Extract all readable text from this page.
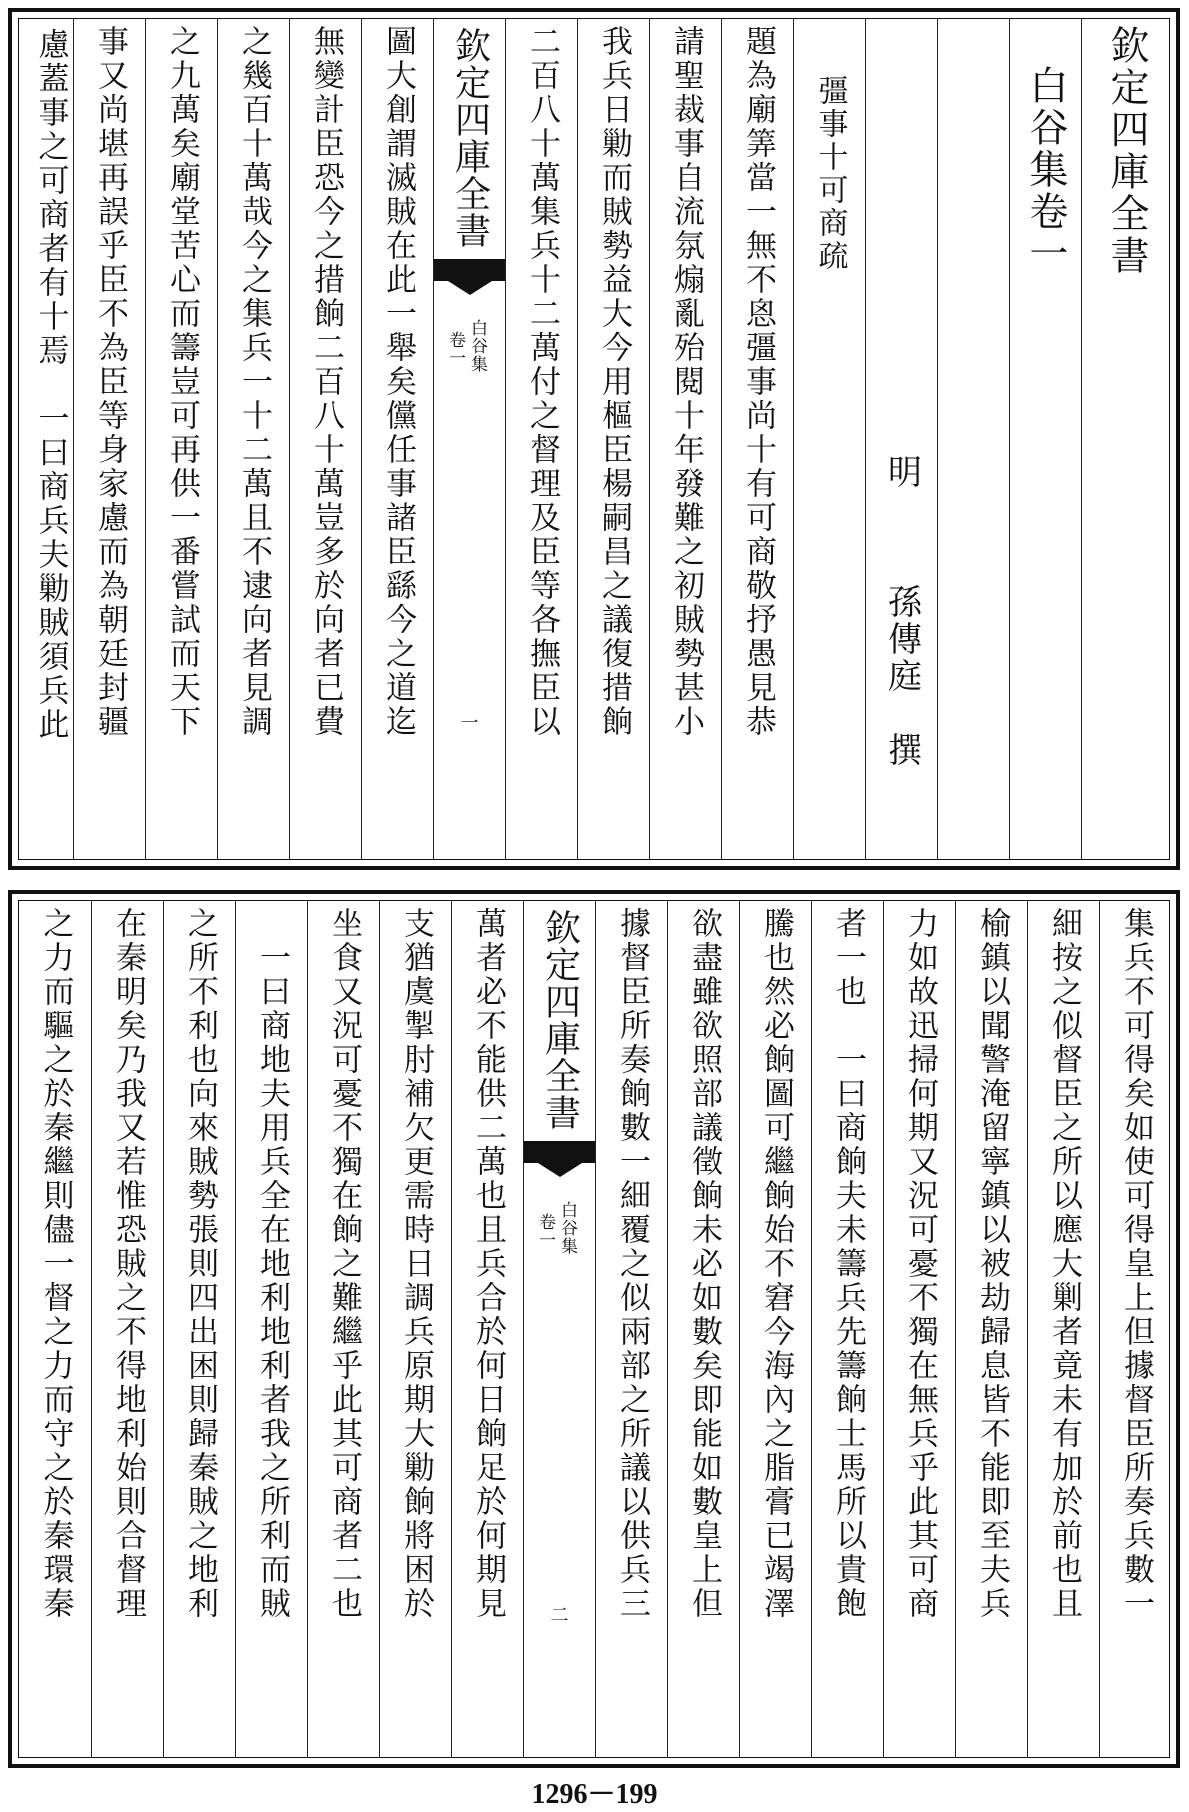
欽定四庫全書
白谷集卷一
明
孫傳庭　撰
彊事十可商疏
題為廟筭當一無不恖彊事尚十有可商敬抒愚見恭
請聖裁事自流氛煽亂殆閱十年發難之初賊勢甚小
我兵日勦而賊勢益大今用樞臣楊嗣昌之議復措餉
二百八十萬集兵十二萬付之督理及臣等各撫臣以
欽定四庫全書
白谷集
卷一
一
圖大創謂滅賊在此一舉矣儻任事諸臣繇今之道迄
無變計臣恐今之措餉二百八十萬豈多於向者已費
之幾百十萬哉今之集兵一十二萬且不逮向者見調
之九萬矣廟堂苦心而籌豈可再供一番嘗試而天下
事又尚堪再誤乎臣不為臣等身家慮而為朝廷封疆
集兵不可得矣如使可得皇上但據督臣所奏兵數一
細按之似督臣之所以應大剿者竟未有加於前也且
榆鎮以聞警淹留寧鎮以被劫歸息皆不能即至夫兵
力如故迅掃何期又況可憂不獨在無兵乎此其可商
者一也　一曰商餉夫未籌兵先籌餉士馬所以貴飽
騰也然必餉圖可繼餉始不窘今海內之脂膏已竭澤
欲盡雖欲照部議徵餉未必如數矣即能如數皇上但
據督臣所奏餉數一細覆之似兩部之所議以供兵三
欽定四庫全書
白谷集
卷一
二
萬者必不能供二萬也且兵合於何日餉足於何期見
支猶虞掣肘補欠更需時日調兵原期大勦餉將困於
坐食又況可憂不獨在餉之難繼乎此其可商者二也
　一曰商地夫用兵全在地利地利者我之所利而賊
之所不利也向來賊勢張則四出困則歸秦賊之地利
在秦明矣乃我又若惟恐賊之不得地利始則合督理
之力而驅之於秦繼則儘一督之力而守之於秦環秦
慮蓋事之可商者有十焉　一曰商兵夫勦賊須兵此
1296－199
